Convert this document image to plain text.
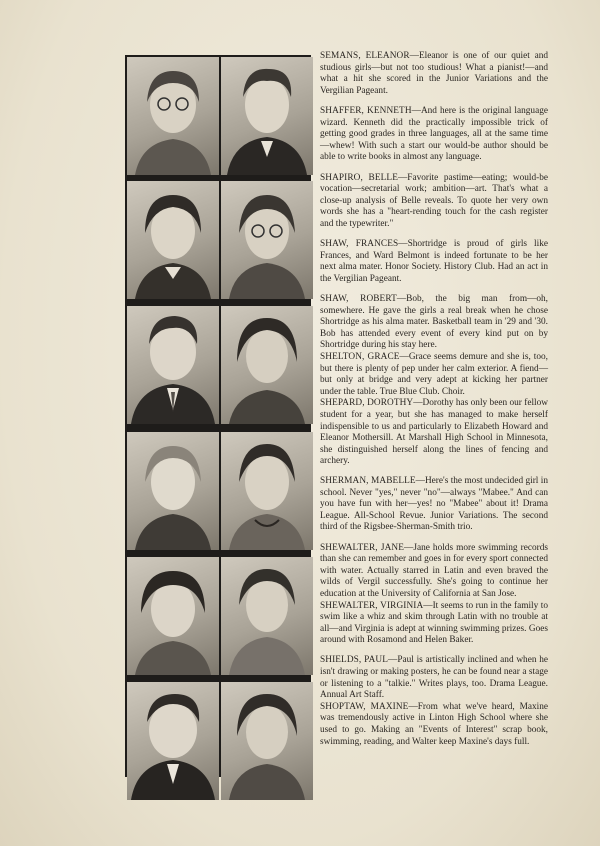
SEMANS, ELEANOR—Eleanor is one of our quiet and studious girls—but not too studious! What a pianist!—and what a hit she scored in the Junior Variations and the Vergilian Pageant.

SHAFFER, KENNETH—And here is the original language wizard. Kenneth did the practically impossible trick of getting good grades in three languages, all at the same time—whew! With such a start our would-be author should be able to write books in almost any language.

SHAPIRO, BELLE—Favorite pastime—eating; would-be vocation—secretarial work; ambition—art. That's what a close-up analysis of Belle reveals. To quote her very own words she has a "heart-rending touch for the cash register and the typewriter."

SHAW, FRANCES—Shortridge is proud of girls like Frances, and Ward Belmont is indeed fortunate to be her next alma mater. Honor Society. History Club. Had an act in the Vergilian Pageant.

SHAW, ROBERT—Bob, the big man from—oh, somewhere. He gave the girls a real break when he chose Shortridge as his alma mater. Basketball team in '29 and '30. Bob has attended every event of every kind put on by Shortridge during his stay here.

SHELTON, GRACE—Grace seems demure and she is, too, but there is plenty of pep under her calm exterior. A fiend—but only at bridge and very adept at kicking her partner under the table. True Blue Club. Choir.

SHEPARD, DOROTHY—Dorothy has only been our fellow student for a year, but she has managed to make herself indispensible to us and particularly to Elizabeth Howard and Eleanor Mothersill. At Marshall High School in Minnesota, she distinguished herself along the lines of fencing and archery.

SHERMAN, MABELLE—Here's the most undecided girl in school. Never "yes," never "no"—always "Mabee." And can you have fun with her—yes! no "Mabee" about it! Drama League. All-School Revue. Junior Variations. The second third of the Rigsbee-Sherman-Smith trio.

SHEWALTER, JANE—Jane holds more swimming records than she can remember and goes in for every sport connected with water. Actually starred in Latin and even braved the wilds of Vergil successfully. She's going to continue her education at the University of California at San Jose.

SHEWALTER, VIRGINIA—It seems to run in the family to swim like a whiz and skim through Latin with no trouble at all—and Virginia is adept at winning swimming prizes. Goes around with Rosamond and Helen Baker.

SHIELDS, PAUL—Paul is artistically inclined and when he isn't drawing or making posters, he can be found near a stage or listening to a "talkie." Writes plays, too. Drama League. Annual Art Staff.

SHOPTAW, MAXINE—From what we've heard, Maxine was tremendously active in Linton High School where she used to go. Making an "Events of Interest" scrap book, swimming, reading, and Walter keep Maxine's days full.
